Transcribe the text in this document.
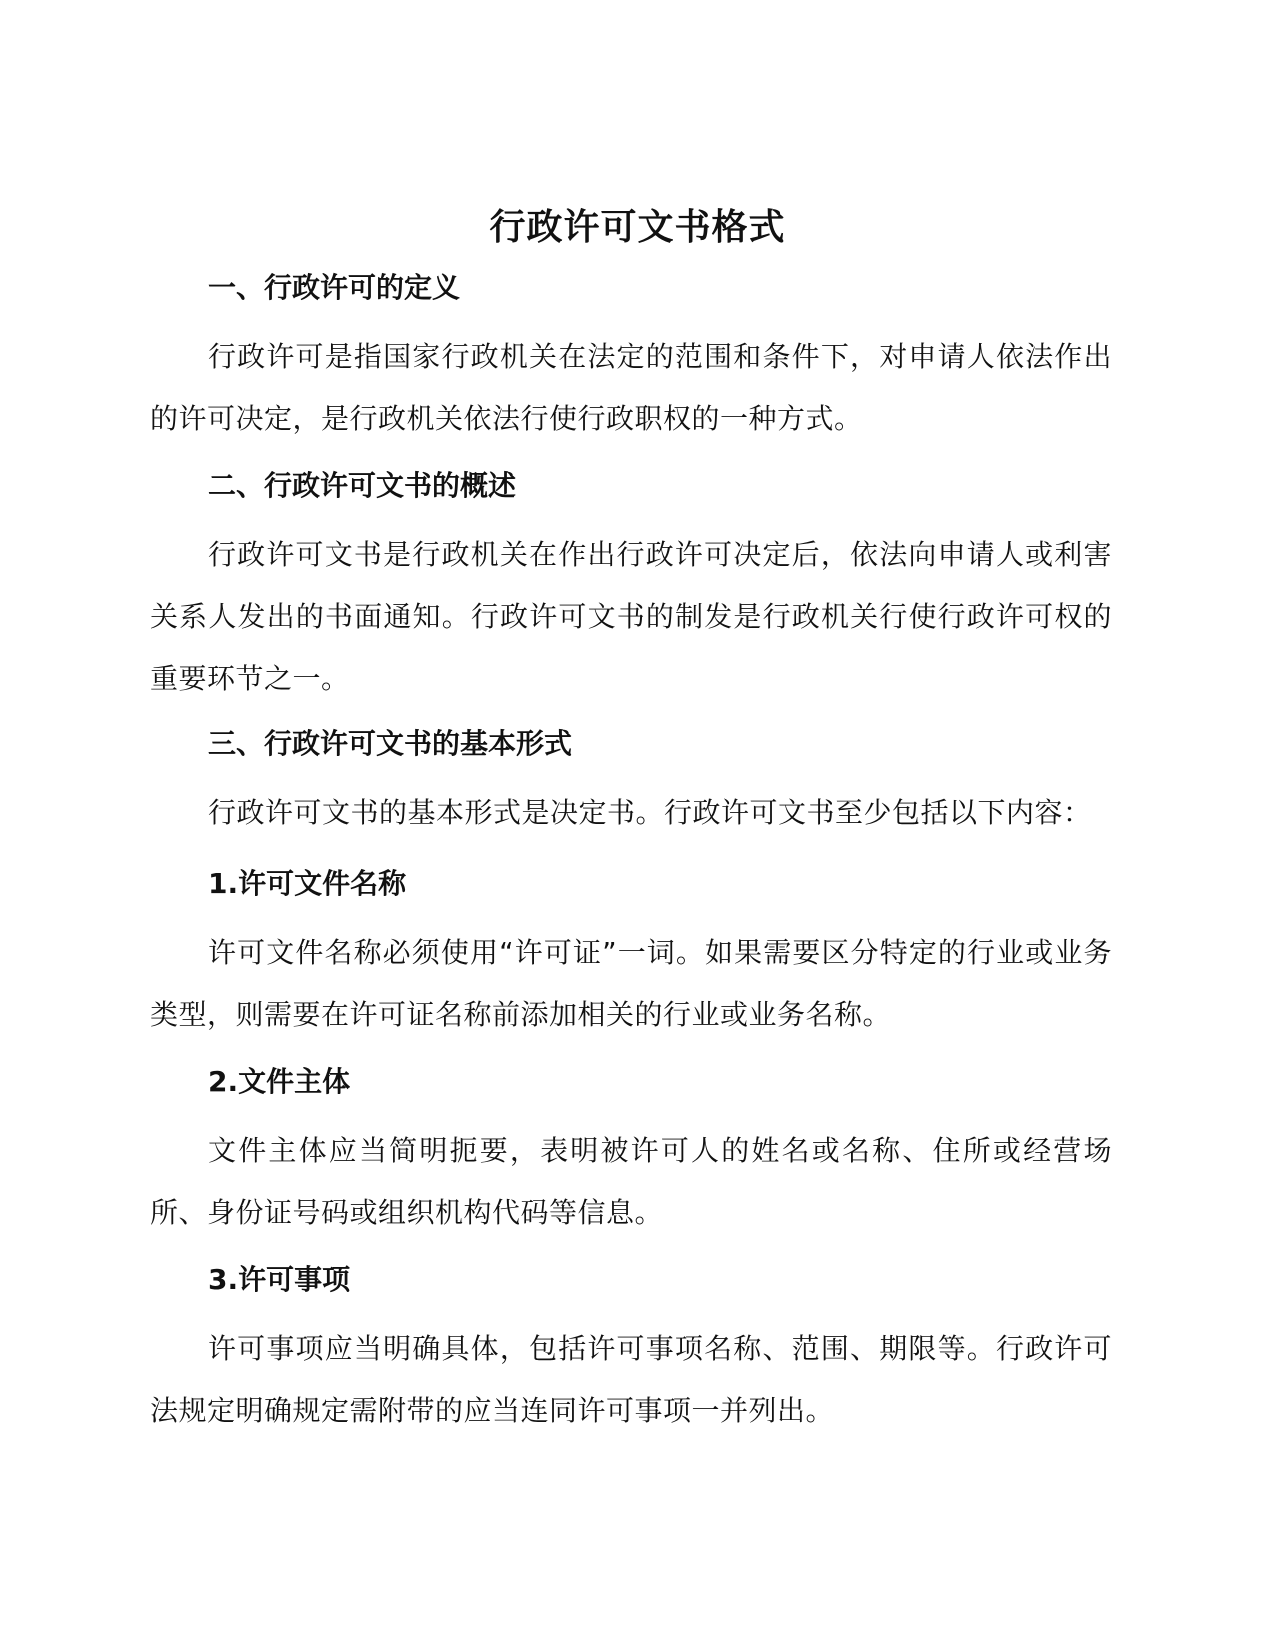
行政许可文书格式
一、行政许可的定义
行政许可是指国家行政机关在法定的范围和条件下，对申请人依法作出的许可决定，是行政机关依法行使行政职权的一种方式。
二、行政许可文书的概述
行政许可文书是行政机关在作出行政许可决定后，依法向申请人或利害关系人发出的书面通知。行政许可文书的制发是行政机关行使行政许可权的重要环节之一。
三、行政许可文书的基本形式
行政许可文书的基本形式是决定书。行政许可文书至少包括以下内容：
1.许可文件名称
许可文件名称必须使用“许可证”一词。如果需要区分特定的行业或业务类型，则需要在许可证名称前添加相关的行业或业务名称。
2.文件主体
文件主体应当简明扼要，表明被许可人的姓名或名称、住所或经营场所、身份证号码或组织机构代码等信息。
3.许可事项
许可事项应当明确具体，包括许可事项名称、范围、期限等。行政许可法规定明确规定需附带的应当连同许可事项一并列出。
